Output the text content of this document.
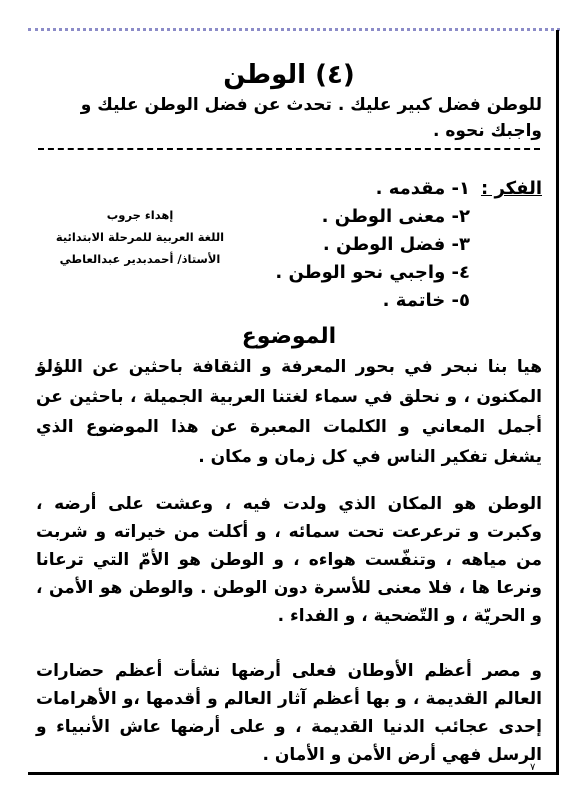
(٤) الوطن
للوطن فضل كبير عليك . تحدث عن فضل الوطن عليك و واجبك نحوه .
الفكر :
١- مقدمه .
٢- معنى الوطن .
٣- فضل الوطن .
٤- واجبي نحو الوطن .
٥- خاتمة .
إهداء جروب
اللغة العربية للمرحلة الابتدائية
الأستاذ/ أحمدبدير عبدالعاطي
الموضوع
هيا بنا نبحر في بحور المعرفة و الثقافة باحثين عن اللؤلؤ المكنون ، و نحلق في سماء لغتنا العربية الجميلة ، باحثين عن أجمل المعاني و الكلمات المعبرة عن هذا الموضوع الذي يشغل تفكير الناس في كل زمان و مكان .
الوطن هو المكان الذي ولدت فيه ، وعشت على أرضه ، وكبرت و ترعرعت تحت سمائه ، و أكلت من خيراته و شربت من مياهه ، وتنفّست هواءه ، و الوطن هو الأمّ التي ترعانا ونرعا ها ، فلا معنى للأسرة دون الوطن . والوطن هو الأمن ، و الحريّة ، و التّضحية ، و الفداء .
و مصر أعظم الأوطان فعلى أرضها نشأت أعظم حضارات العالم القديمة ، و بها أعظم آثار العالم و أقدمها ،و الأهرامات إحدى عجائب الدنيا القديمة ، و على أرضها عاش الأنبياء و الرسل فهي أرض الأمن و الأمان .
٧
